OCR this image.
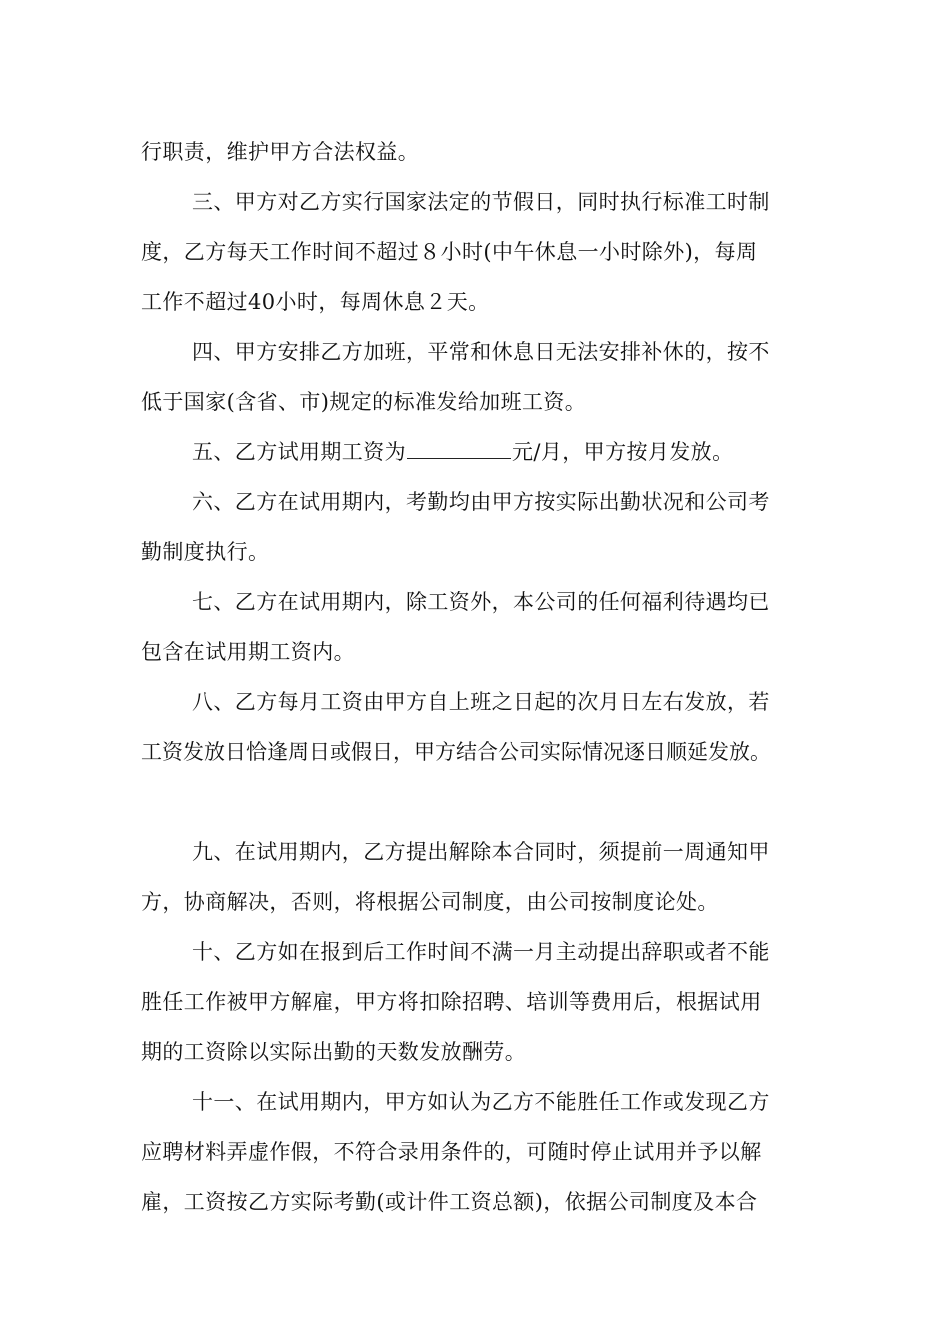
行职责，维护甲方合法权益。
三、甲方对乙方实行国家法定的节假日，同时执行标准工时制
度，乙方每天工作时间不超过８小时(中午休息一小时除外)，每周
工作不超过40小时，每周休息２天。
四、甲方安排乙方加班，平常和休息日无法安排补休的，按不
低于国家(含省、市)规定的标准发给加班工资。
五、乙方试用期工资为	元/月，甲方按月发放。
六、乙方在试用期内，考勤均由甲方按实际出勤状况和公司考
勤制度执行。
七、乙方在试用期内，除工资外，本公司的任何福利待遇均已
包含在试用期工资内。
八、乙方每月工资由甲方自上班之日起的次月日左右发放，若
工资发放日恰逢周日或假日，甲方结合公司实际情况逐日顺延发放。
九、在试用期内，乙方提出解除本合同时，须提前一周通知甲
方，协商解决，否则，将根据公司制度，由公司按制度论处。
十、乙方如在报到后工作时间不满一月主动提出辞职或者不能
胜任工作被甲方解雇，甲方将扣除招聘、培训等费用后，根据试用
期的工资除以实际出勤的天数发放酬劳。
十一、在试用期内，甲方如认为乙方不能胜任工作或发现乙方
应聘材料弄虚作假，不符合录用条件的，可随时停止试用并予以解
雇，工资按乙方实际考勤(或计件工资总额)，依据公司制度及本合
